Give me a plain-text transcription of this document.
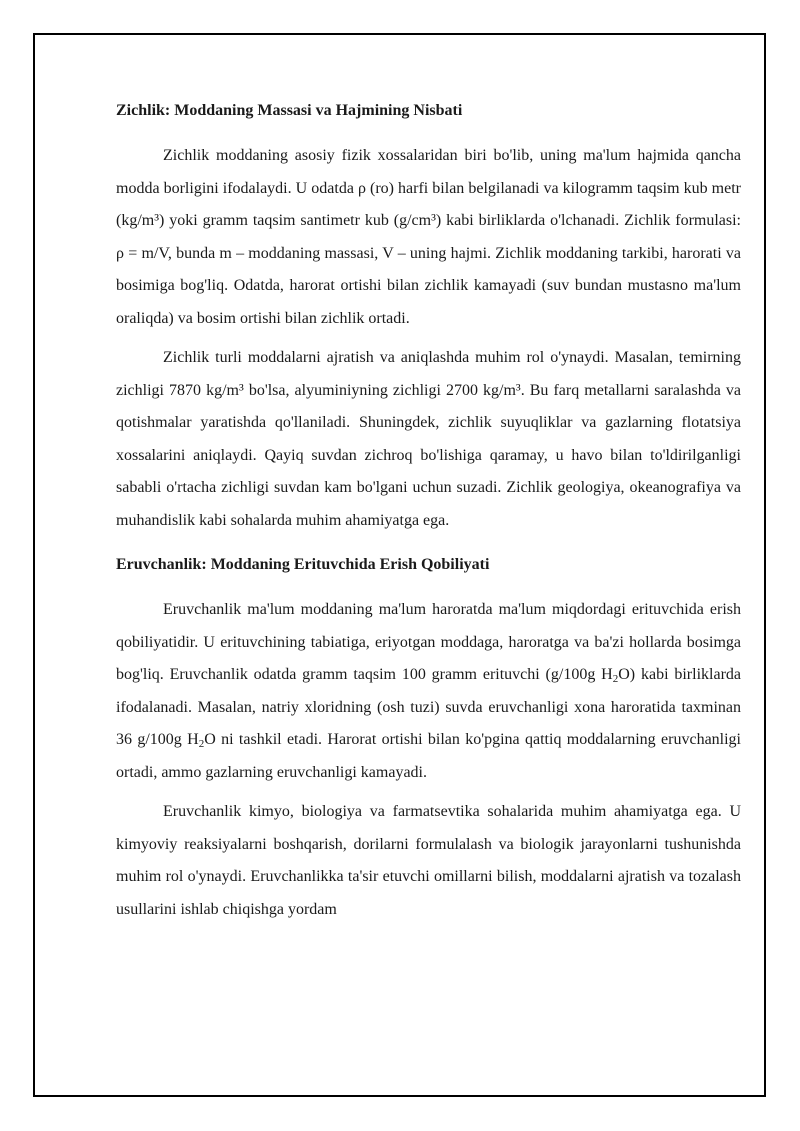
Zichlik: Moddaning Massasi va Hajmining Nisbati

Zichlik moddaning asosiy fizik xossalaridan biri bo'lib, uning ma'lum hajmida qancha modda borligini ifodalaydi. U odatda ρ (ro) harfi bilan belgilanadi va kilogramm taqsim kub metr (kg/m³) yoki gramm taqsim santimetr kub (g/cm³) kabi birliklarda o'lchanadi. Zichlik formulasi: ρ = m/V, bunda m – moddaning massasi, V – uning hajmi. Zichlik moddaning tarkibi, harorati va bosimiga bog'liq. Odatda, harorat ortishi bilan zichlik kamayadi (suv bundan mustasno ma'lum oraliqda) va bosim ortishi bilan zichlik ortadi.

Zichlik turli moddalarni ajratish va aniqlashda muhim rol o'ynaydi. Masalan, temirning zichligi 7870 kg/m³ bo'lsa, alyuminiyning zichligi 2700 kg/m³. Bu farq metallarni saralashda va qotishmalar yaratishda qo'llaniladi. Shuningdek, zichlik suyuqliklar va gazlarning flotatsiya xossalarini aniqlaydi. Qayiq suvdan zichroq bo'lishiga qaramay, u havo bilan to'ldirilganligi sababli o'rtacha zichligi suvdan kam bo'lgani uchun suzadi. Zichlik geologiya, okeanografiya va muhandislik kabi sohalarda muhim ahamiyatga ega.

Eruvchanlik: Moddaning Erituvchida Erish Qobiliyati

Eruvchanlik ma'lum moddaning ma'lum haroratda ma'lum miqdordagi erituvchida erish qobiliyatidir. U erituvchining tabiatiga, eriyotgan moddaga, haroratga va ba'zi hollarda bosimga bog'liq. Eruvchanlik odatda gramm taqsim 100 gramm erituvchi (g/100g $H_2O$) kabi birliklarda ifodalanadi. Masalan, natriy xloridning (osh tuzi) suvda eruvchanligi xona haroratida taxminan 36 g/100g $H_2O$ ni tashkil etadi. Harorat ortishi bilan ko'pgina qattiq moddalarning eruvchanligi ortadi, ammo gazlarning eruvchanligi kamayadi.

Eruvchanlik kimyo, biologiya va farmatsevtika sohalarida muhim ahamiyatga ega. U kimyoviy reaksiyalarni boshqarish, dorilarni formulalash va biologik jarayonlarni tushunishda muhim rol o'ynaydi. Eruvchanlikka ta'sir etuvchi omillarni bilish, moddalarni ajratish va tozalash usullarini ishlab chiqishga yordam
